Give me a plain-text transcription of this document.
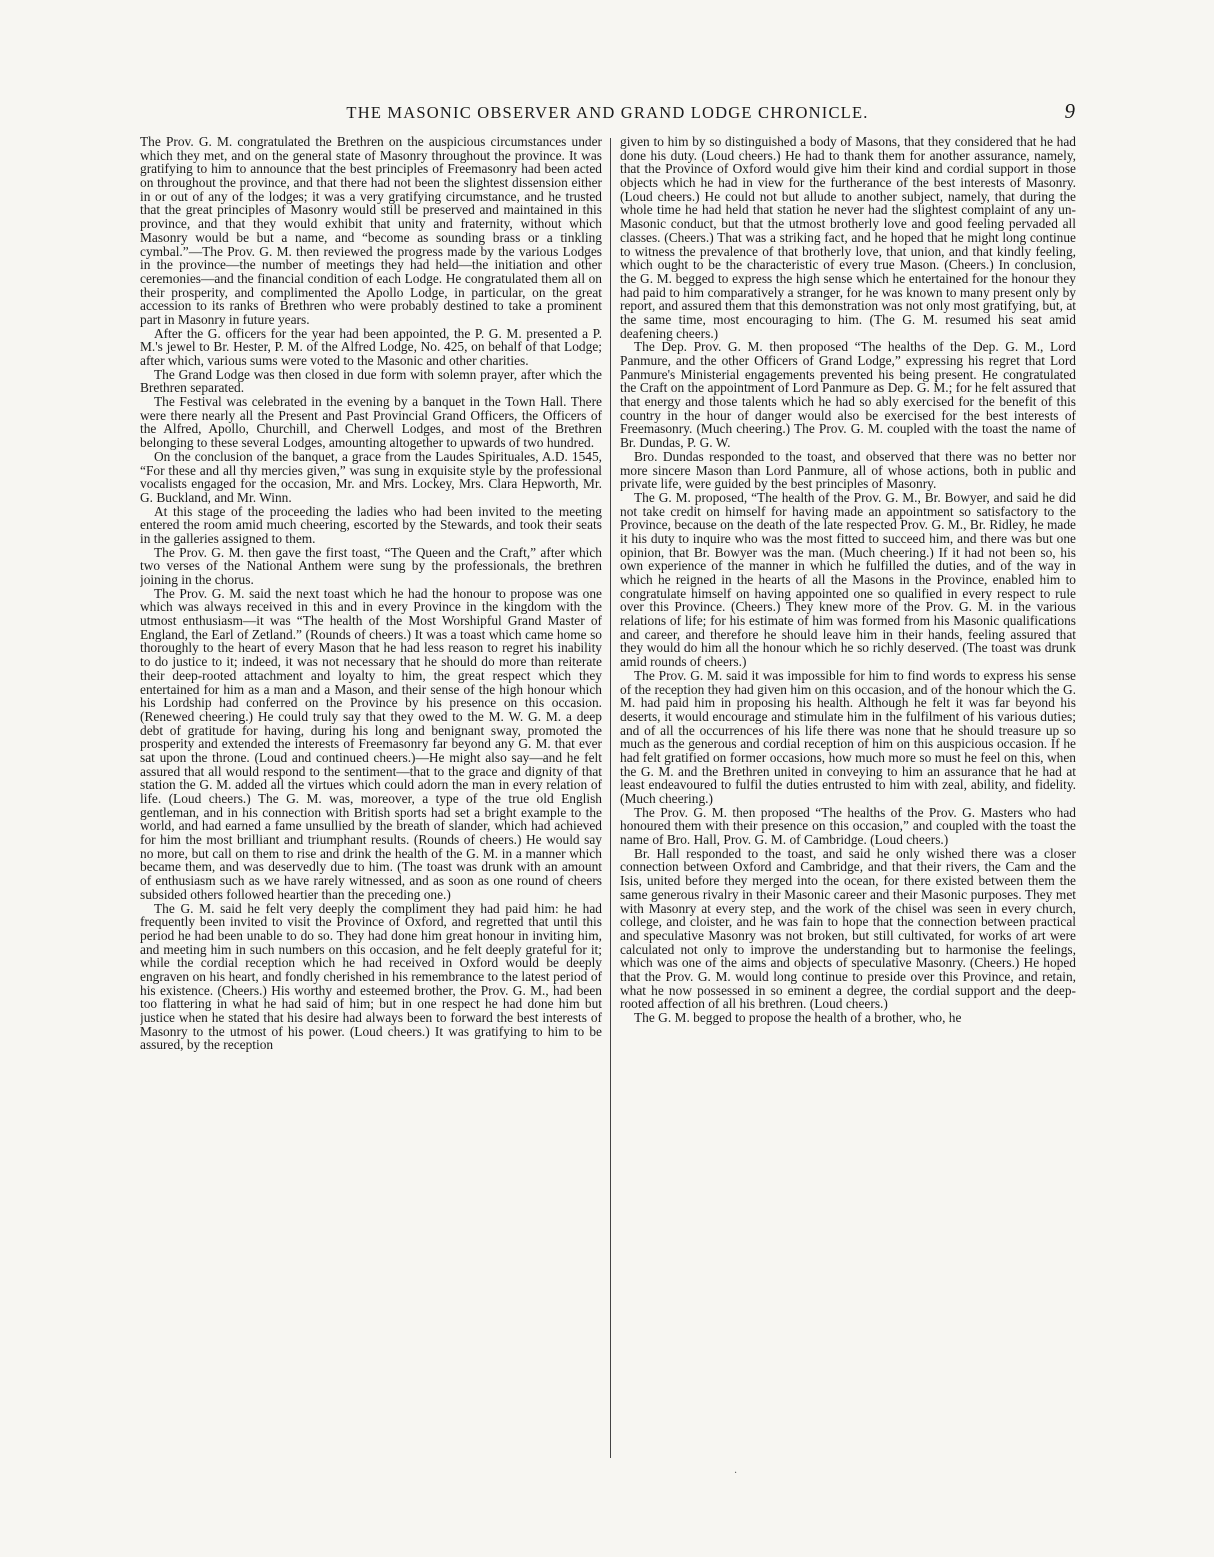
THE MASONIC OBSERVER AND GRAND LODGE CHRONICLE.	9

The Prov. G. M. congratulated the Brethren on the auspicious circumstances under which they met, and on the general state of Masonry throughout the province. It was gratifying to him to announce that the best principles of Freemasonry had been acted on throughout the province, and that there had not been the slightest dissension either in or out of any of the lodges; it was a very gratifying circumstance, and he trusted that the great principles of Masonry would still be preserved and maintained in this province, and that they would exhibit that unity and fraternity, without which Masonry would be but a name, and “become as sounding brass or a tinkling cymbal.”—The Prov. G. M. then reviewed the progress made by the various Lodges in the province—the number of meetings they had held—the initiation and other ceremonies—and the financial condition of each Lodge. He congratulated them all on their prosperity, and complimented the Apollo Lodge, in particular, on the great accession to its ranks of Brethren who were probably destined to take a prominent part in Masonry in future years.

After the G. officers for the year had been appointed, the P. G. M. presented a P. M.'s jewel to Br. Hester, P. M. of the Alfred Lodge, No. 425, on behalf of that Lodge; after which, various sums were voted to the Masonic and other charities.

The Grand Lodge was then closed in due form with solemn prayer, after which the Brethren separated.

The Festival was celebrated in the evening by a banquet in the Town Hall. There were there nearly all the Present and Past Provincial Grand Officers, the Officers of the Alfred, Apollo, Churchill, and Cherwell Lodges, and most of the Brethren belonging to these several Lodges, amounting altogether to upwards of two hundred.

On the conclusion of the banquet, a grace from the Laudes Spirituales, A.D. 1545, “For these and all thy mercies given,” was sung in exquisite style by the professional vocalists engaged for the occasion, Mr. and Mrs. Lockey, Mrs. Clara Hepworth, Mr. G. Buckland, and Mr. Winn.

At this stage of the proceeding the ladies who had been invited to the meeting entered the room amid much cheering, escorted by the Stewards, and took their seats in the galleries assigned to them.

The Prov. G. M. then gave the first toast, “The Queen and the Craft,” after which two verses of the National Anthem were sung by the professionals, the brethren joining in the chorus.

The Prov. G. M. said the next toast which he had the honour to propose was one which was always received in this and in every Province in the kingdom with the utmost enthusiasm—it was “The health of the Most Worshipful Grand Master of England, the Earl of Zetland.” (Rounds of cheers.) It was a toast which came home so thoroughly to the heart of every Mason that he had less reason to regret his inability to do justice to it; indeed, it was not necessary that he should do more than reiterate their deep-rooted attachment and loyalty to him, the great respect which they entertained for him as a man and a Mason, and their sense of the high honour which his Lordship had conferred on the Province by his presence on this occasion. (Renewed cheering.) He could truly say that they owed to the M. W. G. M. a deep debt of gratitude for having, during his long and benignant sway, promoted the prosperity and extended the interests of Freemasonry far beyond any G. M. that ever sat upon the throne. (Loud and continued cheers.)—He might also say—and he felt assured that all would respond to the sentiment—that to the grace and dignity of that station the G. M. added all the virtues which could adorn the man in every relation of life. (Loud cheers.) The G. M. was, moreover, a type of the true old English gentleman, and in his connection with British sports had set a bright example to the world, and had earned a fame unsullied by the breath of slander, which had achieved for him the most brilliant and triumphant results. (Rounds of cheers.) He would say no more, but call on them to rise and drink the health of the G. M. in a manner which became them, and was deservedly due to him. (The toast was drunk with an amount of enthusiasm such as we have rarely witnessed, and as soon as one round of cheers subsided others followed heartier than the preceding one.)

The G. M. said he felt very deeply the compliment they had paid him: he had frequently been invited to visit the Province of Oxford, and regretted that until this period he had been unable to do so. They had done him great honour in inviting him, and meeting him in such numbers on this occasion, and he felt deeply grateful for it; while the cordial reception which he had received in Oxford would be deeply engraven on his heart, and fondly cherished in his remembrance to the latest period of his existence. (Cheers.) His worthy and esteemed brother, the Prov. G. M., had been too flattering in what he had said of him; but in one respect he had done him but justice when he stated that his desire had always been to forward the best interests of Masonry to the utmost of his power. (Loud cheers.) It was gratifying to him to be assured, by the reception

given to him by so distinguished a body of Masons, that they considered that he had done his duty. (Loud cheers.) He had to thank them for another assurance, namely, that the Province of Oxford would give him their kind and cordial support in those objects which he had in view for the furtherance of the best interests of Masonry. (Loud cheers.) He could not but allude to another subject, namely, that during the whole time he had held that station he never had the slightest complaint of any un-Masonic conduct, but that the utmost brotherly love and good feeling pervaded all classes. (Cheers.) That was a striking fact, and he hoped that he might long continue to witness the prevalence of that brotherly love, that union, and that kindly feeling, which ought to be the characteristic of every true Mason. (Cheers.) In conclusion, the G. M. begged to express the high sense which he entertained for the honour they had paid to him comparatively a stranger, for he was known to many present only by report, and assured them that this demonstration was not only most gratifying, but, at the same time, most encouraging to him. (The G. M. resumed his seat amid deafening cheers.)

The Dep. Prov. G. M. then proposed “The healths of the Dep. G. M., Lord Panmure, and the other Officers of Grand Lodge,” expressing his regret that Lord Panmure's Ministerial engagements prevented his being present. He congratulated the Craft on the appointment of Lord Panmure as Dep. G. M.; for he felt assured that that energy and those talents which he had so ably exercised for the benefit of this country in the hour of danger would also be exercised for the best interests of Freemasonry. (Much cheering.) The Prov. G. M. coupled with the toast the name of Br. Dundas, P. G. W.

Bro. Dundas responded to the toast, and observed that there was no better nor more sincere Mason than Lord Panmure, all of whose actions, both in public and private life, were guided by the best principles of Masonry.

The G. M. proposed, “The health of the Prov. G. M., Br. Bowyer, and said he did not take credit on himself for having made an appointment so satisfactory to the Province, because on the death of the late respected Prov. G. M., Br. Ridley, he made it his duty to inquire who was the most fitted to succeed him, and there was but one opinion, that Br. Bowyer was the man. (Much cheering.) If it had not been so, his own experience of the manner in which he fulfilled the duties, and of the way in which he reigned in the hearts of all the Masons in the Province, enabled him to congratulate himself on having appointed one so qualified in every respect to rule over this Province. (Cheers.) They knew more of the Prov. G. M. in the various relations of life; for his estimate of him was formed from his Masonic qualifications and career, and therefore he should leave him in their hands, feeling assured that they would do him all the honour which he so richly deserved. (The toast was drunk amid rounds of cheers.)

The Prov. G. M. said it was impossible for him to find words to express his sense of the reception they had given him on this occasion, and of the honour which the G. M. had paid him in proposing his health. Although he felt it was far beyond his deserts, it would encourage and stimulate him in the fulfilment of his various duties; and of all the occurrences of his life there was none that he should treasure up so much as the generous and cordial reception of him on this auspicious occasion. If he had felt gratified on former occasions, how much more so must he feel on this, when the G. M. and the Brethren united in conveying to him an assurance that he had at least endeavoured to fulfil the duties entrusted to him with zeal, ability, and fidelity. (Much cheering.)

The Prov. G. M. then proposed “The healths of the Prov. G. Masters who had honoured them with their presence on this occasion,” and coupled with the toast the name of Bro. Hall, Prov. G. M. of Cambridge. (Loud cheers.)

Br. Hall responded to the toast, and said he only wished there was a closer connection between Oxford and Cambridge, and that their rivers, the Cam and the Isis, united before they merged into the ocean, for there existed between them the same generous rivalry in their Masonic career and their Masonic purposes. They met with Masonry at every step, and the work of the chisel was seen in every church, college, and cloister, and he was fain to hope that the connection between practical and speculative Masonry was not broken, but still cultivated, for works of art were calculated not only to improve the understanding but to harmonise the feelings, which was one of the aims and objects of speculative Masonry. (Cheers.) He hoped that the Prov. G. M. would long continue to preside over this Province, and retain, what he now possessed in so eminent a degree, the cordial support and the deep-rooted affection of all his brethren. (Loud cheers.)

The G. M. begged to propose the health of a brother, who, he

.
